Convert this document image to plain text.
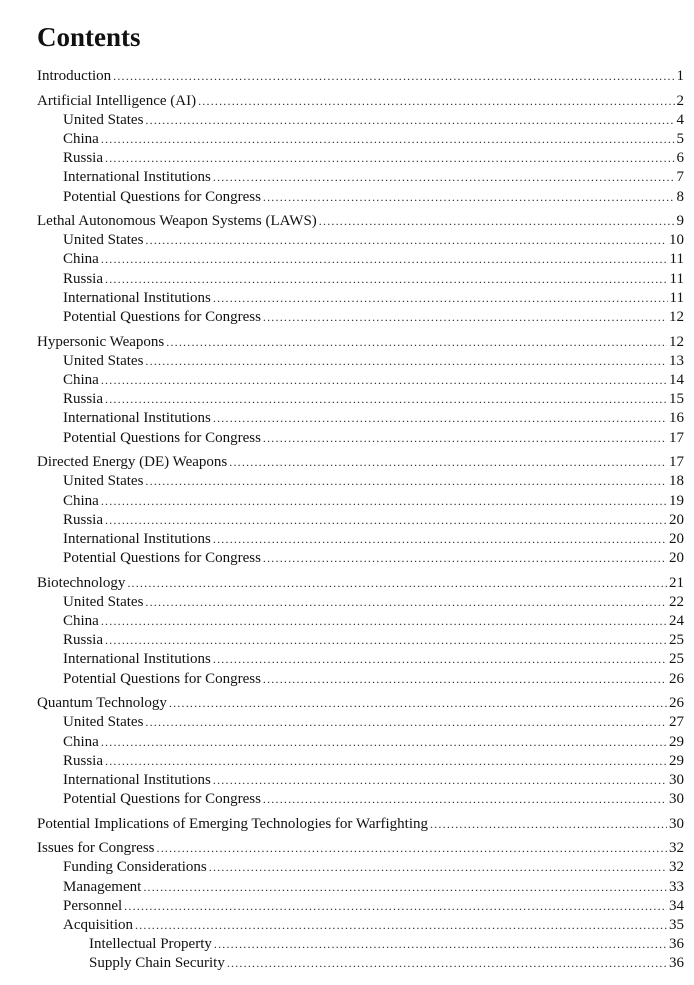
Contents
Introduction .....	1
Artificial Intelligence (AI) .....	2
United States .....	4
China .....	5
Russia .....	6
International Institutions .....	7
Potential Questions for Congress .....	8
Lethal Autonomous Weapon Systems (LAWS) .....	9
United States .....	10
China .....	11
Russia .....	11
International Institutions .....	11
Potential Questions for Congress .....	12
Hypersonic Weapons .....	12
United States .....	13
China .....	14
Russia .....	15
International Institutions .....	16
Potential Questions for Congress .....	17
Directed Energy (DE) Weapons .....	17
United States .....	18
China .....	19
Russia .....	20
International Institutions .....	20
Potential Questions for Congress .....	20
Biotechnology .....	21
United States .....	22
China .....	24
Russia .....	25
International Institutions .....	25
Potential Questions for Congress .....	26
Quantum Technology .....	26
United States .....	27
China .....	29
Russia .....	29
International Institutions .....	30
Potential Questions for Congress .....	30
Potential Implications of Emerging Technologies for Warfighting .....	30
Issues for Congress .....	32
Funding Considerations .....	32
Management .....	33
Personnel .....	34
Acquisition .....	35
Intellectual Property .....	36
Supply Chain Security .....	36
